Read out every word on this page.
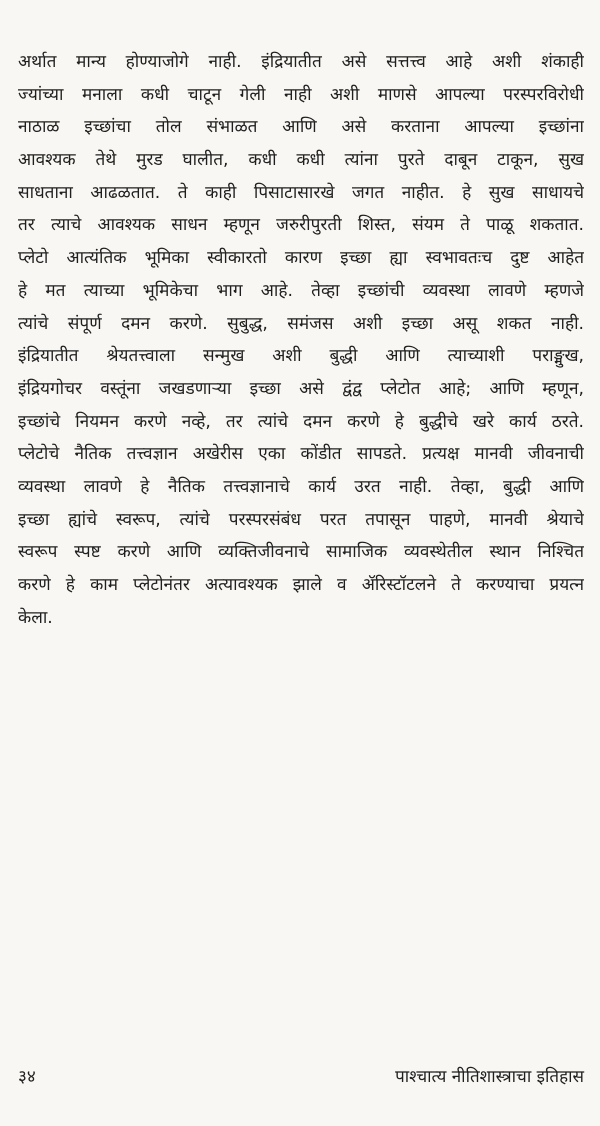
अर्थात मान्य होण्याजोगे नाही. इंद्रियातीत असे सत्तत्त्व आहे अशी शंकाही
ज्यांच्या मनाला कधी चाटून गेली नाही अशी माणसे आपल्या परस्परविरोधी
नाठाळ इच्छांचा तोल संभाळत आणि असे करताना आपल्या इच्छांना
आवश्यक तेथे मुरड घालीत, कधी कधी त्यांना पुरते दाबून टाकून, सुख
साधताना आढळतात. ते काही पिसाटासारखे जगत नाहीत. हे सुख साधायचे
तर त्याचे आवश्यक साधन म्हणून जरुरीपुरती शिस्त, संयम ते पाळू शकतात.
प्लेटो आत्यंतिक भूमिका स्वीकारतो कारण इच्छा ह्या स्वभावतःच दुष्ट आहेत
हे मत त्याच्या भूमिकेचा भाग आहे. तेव्हा इच्छांची व्यवस्था लावणे म्हणजे
त्यांचे संपूर्ण दमन करणे. सुबुद्ध, समंजस अशी इच्छा असू शकत नाही.
इंद्रियातीत श्रेयतत्त्वाला सन्मुख अशी बुद्धी आणि त्याच्याशी पराङ्मुख,
इंद्रियगोचर वस्तूंना जखडणाऱ्या इच्छा असे द्वंद्व प्लेटोत आहे; आणि म्हणून,
इच्छांचे नियमन करणे नव्हे, तर त्यांचे दमन करणे हे बुद्धीचे खरे कार्य ठरते.
प्लेटोचे नैतिक तत्त्वज्ञान अखेरीस एका कोंडीत सापडते. प्रत्यक्ष मानवी जीवनाची
व्यवस्था लावणे हे नैतिक तत्त्वज्ञानाचे कार्य उरत नाही. तेव्हा, बुद्धी आणि
इच्छा ह्यांचे स्वरूप, त्यांचे परस्परसंबंध परत तपासून पाहणे, मानवी श्रेयाचे
स्वरूप स्पष्ट करणे आणि व्यक्तिजीवनाचे सामाजिक व्यवस्थेतील स्थान निश्चित
करणे हे काम प्लेटोनंतर अत्यावश्यक झाले व ॲरिस्टॉटलने ते करण्याचा प्रयत्न
केला.
३४	पाश्चात्य नीतिशास्त्राचा इतिहास
